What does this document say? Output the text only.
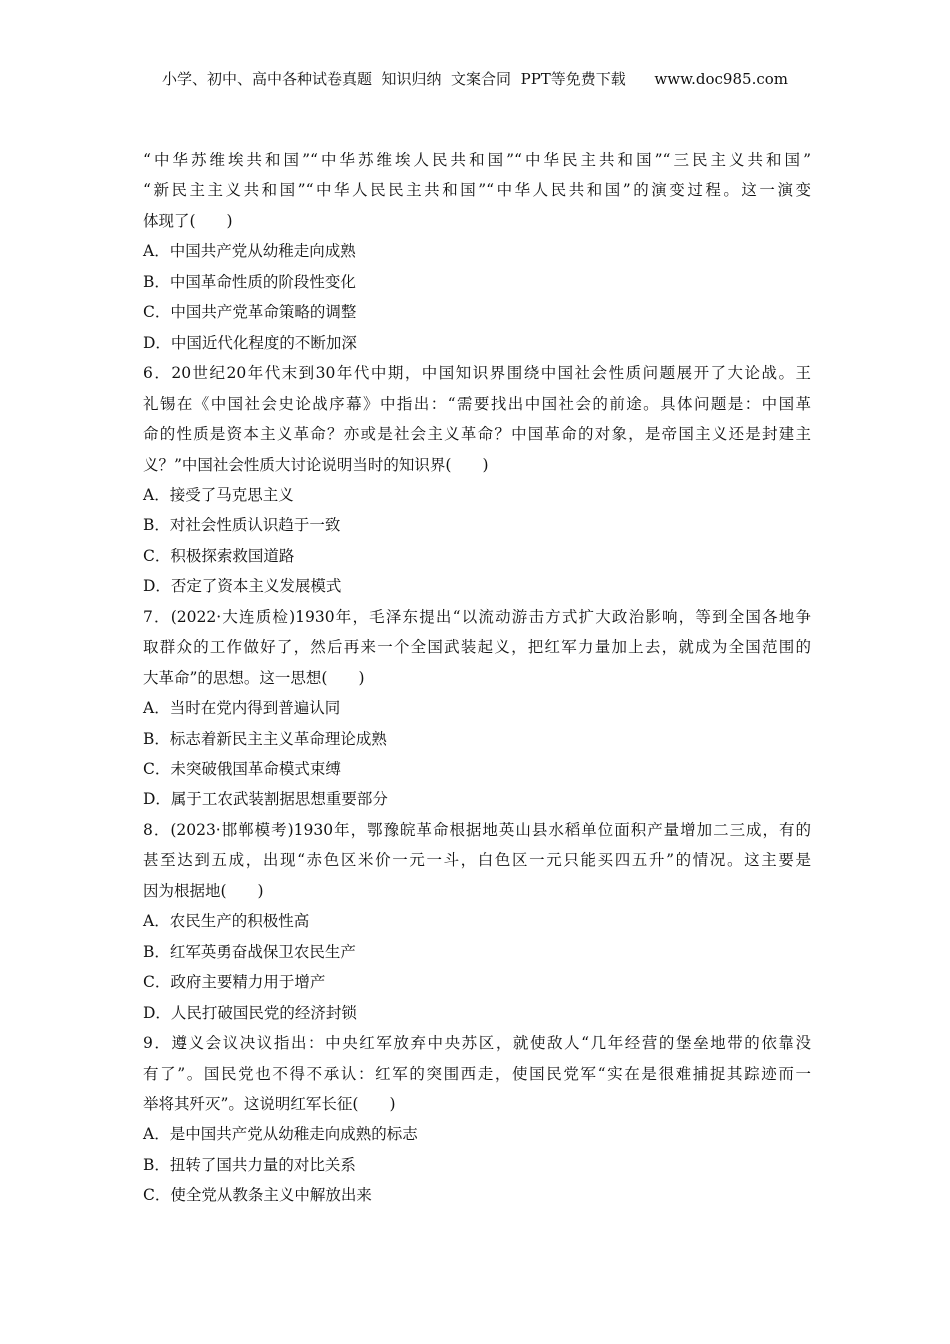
小学、初中、高中各种试卷真题  知识归纳  文案合同  PPT等免费下载      www.doc985.com
“中华苏维埃共和国”“中华苏维埃人民共和国”“中华民主共和国”“三民主义共和国”
“新民主主义共和国”“中华人民民主共和国”“中华人民共和国”的演变过程。这一演变
体现了(　　)
A．中国共产党从幼稚走向成熟
B．中国革命性质的阶段性变化
C．中国共产党革命策略的调整
D．中国近代化程度的不断加深
6．20世纪20年代末到30年代中期，中国知识界围绕中国社会性质问题展开了大论战。王
礼锡在《中国社会史论战序幕》中指出：“需要找出中国社会的前途。具体问题是：中国革
命的性质是资本主义革命？亦或是社会主义革命？中国革命的对象，是帝国主义还是封建主
义？”中国社会性质大讨论说明当时的知识界(　　)
A．接受了马克思主义
B．对社会性质认识趋于一致
C．积极探索救国道路
D．否定了资本主义发展模式
7．(2022·大连质检)1930年，毛泽东提出“以流动游击方式扩大政治影响，等到全国各地争
取群众的工作做好了，然后再来一个全国武装起义，把红军力量加上去，就成为全国范围的
大革命”的思想。这一思想(　　)
A．当时在党内得到普遍认同
B．标志着新民主主义革命理论成熟
C．未突破俄国革命模式束缚
D．属于工农武装割据思想重要部分
8．(2023·邯郸模考)1930年，鄂豫皖革命根据地英山县水稻单位面积产量增加二三成，有的
甚至达到五成，出现“赤色区米价一元一斗，白色区一元只能买四五升”的情况。这主要是
因为根据地(　　)
A．农民生产的积极性高
B．红军英勇奋战保卫农民生产
C．政府主要精力用于增产
D．人民打破国民党的经济封锁
9．遵义会议决议指出：中央红军放弃中央苏区，就使敌人“几年经营的堡垒地带的依靠没
有了”。国民党也不得不承认：红军的突围西走，使国民党军“实在是很难捕捉其踪迹而一
举将其歼灭”。这说明红军长征(　　)
A．是中国共产党从幼稚走向成熟的标志
B．扭转了国共力量的对比关系
C．使全党从教条主义中解放出来
